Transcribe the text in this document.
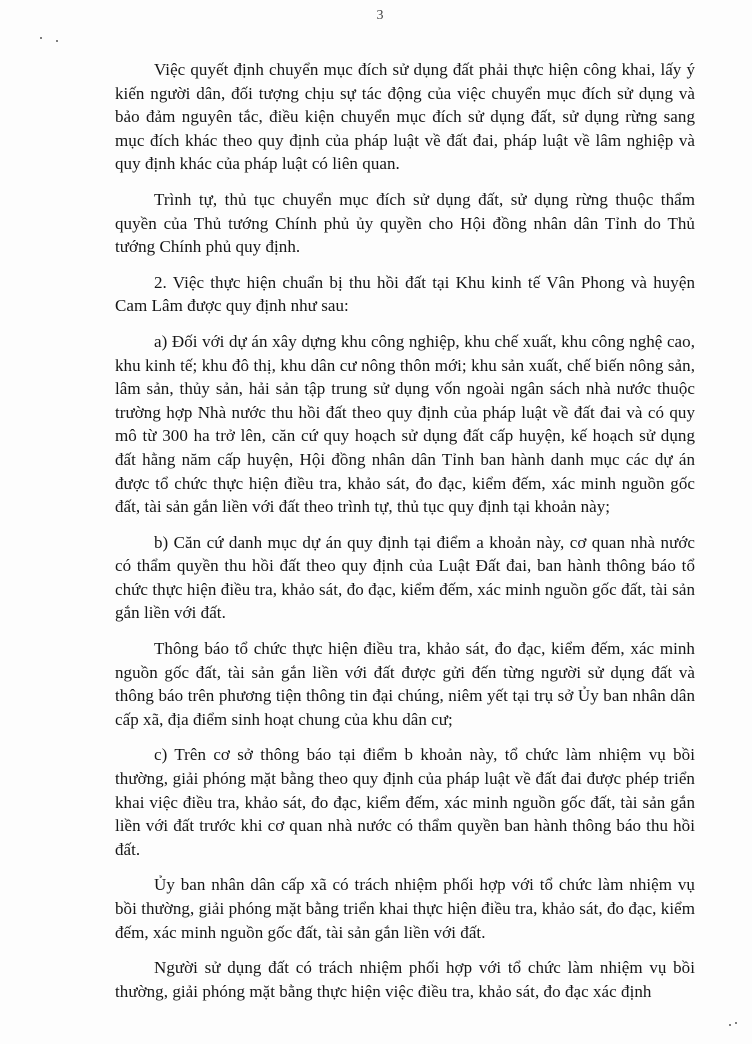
3

Việc quyết định chuyển mục đích sử dụng đất phải thực hiện công khai, lấy ý kiến người dân, đối tượng chịu sự tác động của việc chuyển mục đích sử dụng và bảo đảm nguyên tắc, điều kiện chuyển mục đích sử dụng đất, sử dụng rừng sang mục đích khác theo quy định của pháp luật về đất đai, pháp luật về lâm nghiệp và quy định khác của pháp luật có liên quan.

Trình tự, thủ tục chuyển mục đích sử dụng đất, sử dụng rừng thuộc thẩm quyền của Thủ tướng Chính phủ ủy quyền cho Hội đồng nhân dân Tỉnh do Thủ tướng Chính phủ quy định.

2. Việc thực hiện chuẩn bị thu hồi đất tại Khu kinh tế Vân Phong và huyện Cam Lâm được quy định như sau:

a) Đối với dự án xây dựng khu công nghiệp, khu chế xuất, khu công nghệ cao, khu kinh tế; khu đô thị, khu dân cư nông thôn mới; khu sản xuất, chế biến nông sản, lâm sản, thủy sản, hải sản tập trung sử dụng vốn ngoài ngân sách nhà nước thuộc trường hợp Nhà nước thu hồi đất theo quy định của pháp luật về đất đai và có quy mô từ 300 ha trở lên, căn cứ quy hoạch sử dụng đất cấp huyện, kế hoạch sử dụng đất hằng năm cấp huyện, Hội đồng nhân dân Tỉnh ban hành danh mục các dự án được tổ chức thực hiện điều tra, khảo sát, đo đạc, kiểm đếm, xác minh nguồn gốc đất, tài sản gắn liền với đất theo trình tự, thủ tục quy định tại khoản này;

b) Căn cứ danh mục dự án quy định tại điểm a khoản này, cơ quan nhà nước có thẩm quyền thu hồi đất theo quy định của Luật Đất đai, ban hành thông báo tổ chức thực hiện điều tra, khảo sát, đo đạc, kiểm đếm, xác minh nguồn gốc đất, tài sản gắn liền với đất.

Thông báo tổ chức thực hiện điều tra, khảo sát, đo đạc, kiểm đếm, xác minh nguồn gốc đất, tài sản gắn liền với đất được gửi đến từng người sử dụng đất và thông báo trên phương tiện thông tin đại chúng, niêm yết tại trụ sở Ủy ban nhân dân cấp xã, địa điểm sinh hoạt chung của khu dân cư;

c) Trên cơ sở thông báo tại điểm b khoản này, tổ chức làm nhiệm vụ bồi thường, giải phóng mặt bằng theo quy định của pháp luật về đất đai được phép triển khai việc điều tra, khảo sát, đo đạc, kiểm đếm, xác minh nguồn gốc đất, tài sản gắn liền với đất trước khi cơ quan nhà nước có thẩm quyền ban hành thông báo thu hồi đất.

Ủy ban nhân dân cấp xã có trách nhiệm phối hợp với tổ chức làm nhiệm vụ bồi thường, giải phóng mặt bằng triển khai thực hiện điều tra, khảo sát, đo đạc, kiểm đếm, xác minh nguồn gốc đất, tài sản gắn liền với đất.

Người sử dụng đất có trách nhiệm phối hợp với tổ chức làm nhiệm vụ bồi thường, giải phóng mặt bằng thực hiện việc điều tra, khảo sát, đo đạc xác định
